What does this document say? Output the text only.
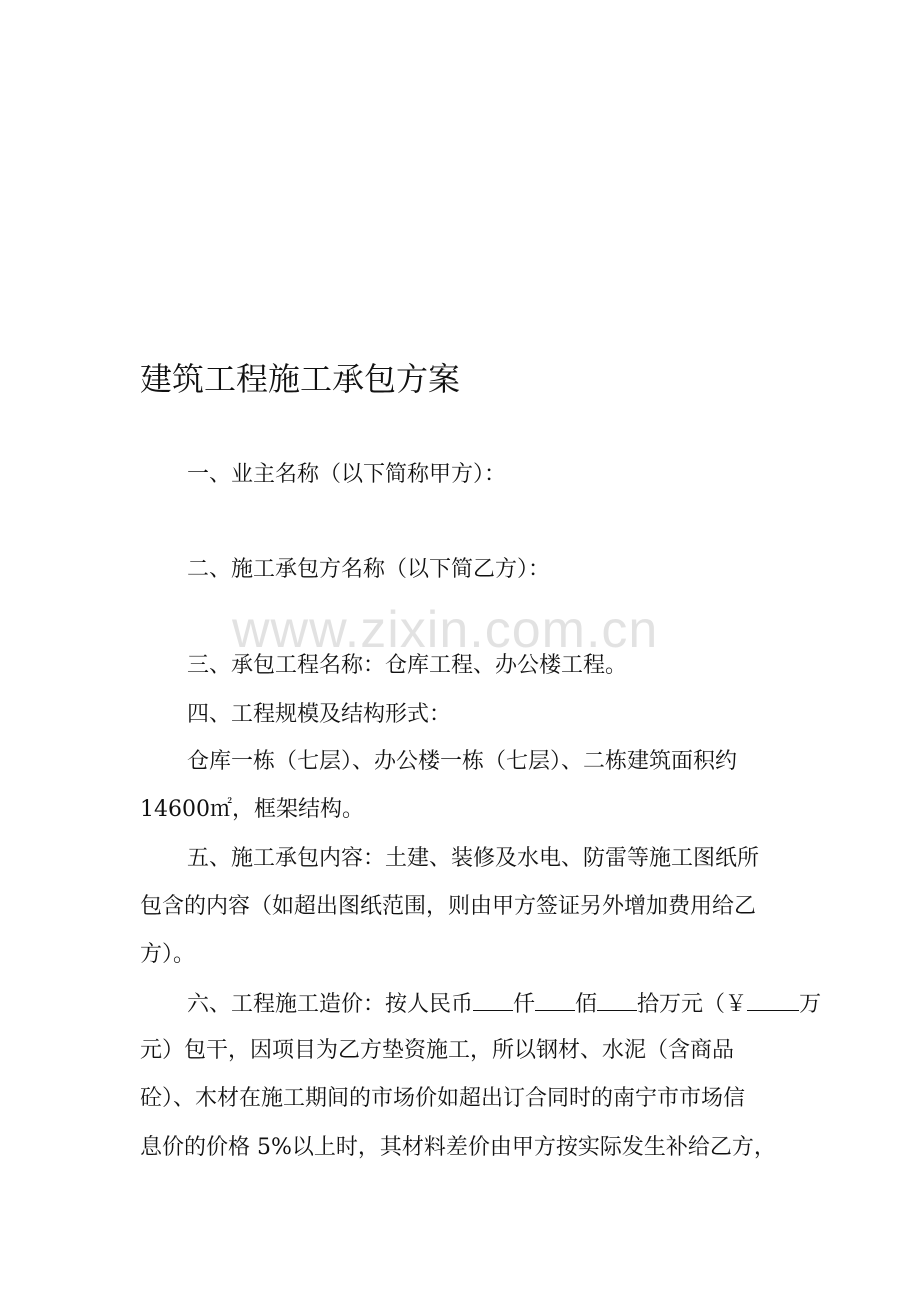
建筑工程施工承包方案
www.zixin.com.cn

一、业主名称（以下简称甲方）：

二、施工承包方名称（以下简乙方）：

三、承包工程名称：仓库工程、办公楼工程。

四、工程规模及结构形式：

仓库一栋（七层）、办公楼一栋（七层）、二栋建筑面积约

14600㎡，框架结构。

五、施工承包内容：土建、装修及水电、防雷等施工图纸所

包含的内容（如超出图纸范围，则由甲方签证另外增加费用给乙

方）。

六、工程施工造价：按人民币 仟 佰 拾万元（￥ 万

元）包干，因项目为乙方垫资施工，所以钢材、水泥（含商品

砼）、木材在施工期间的市场价如超出订合同时的南宁市市场信

息价的价格 5%以上时，其材料差价由甲方按实际发生补给乙方，
